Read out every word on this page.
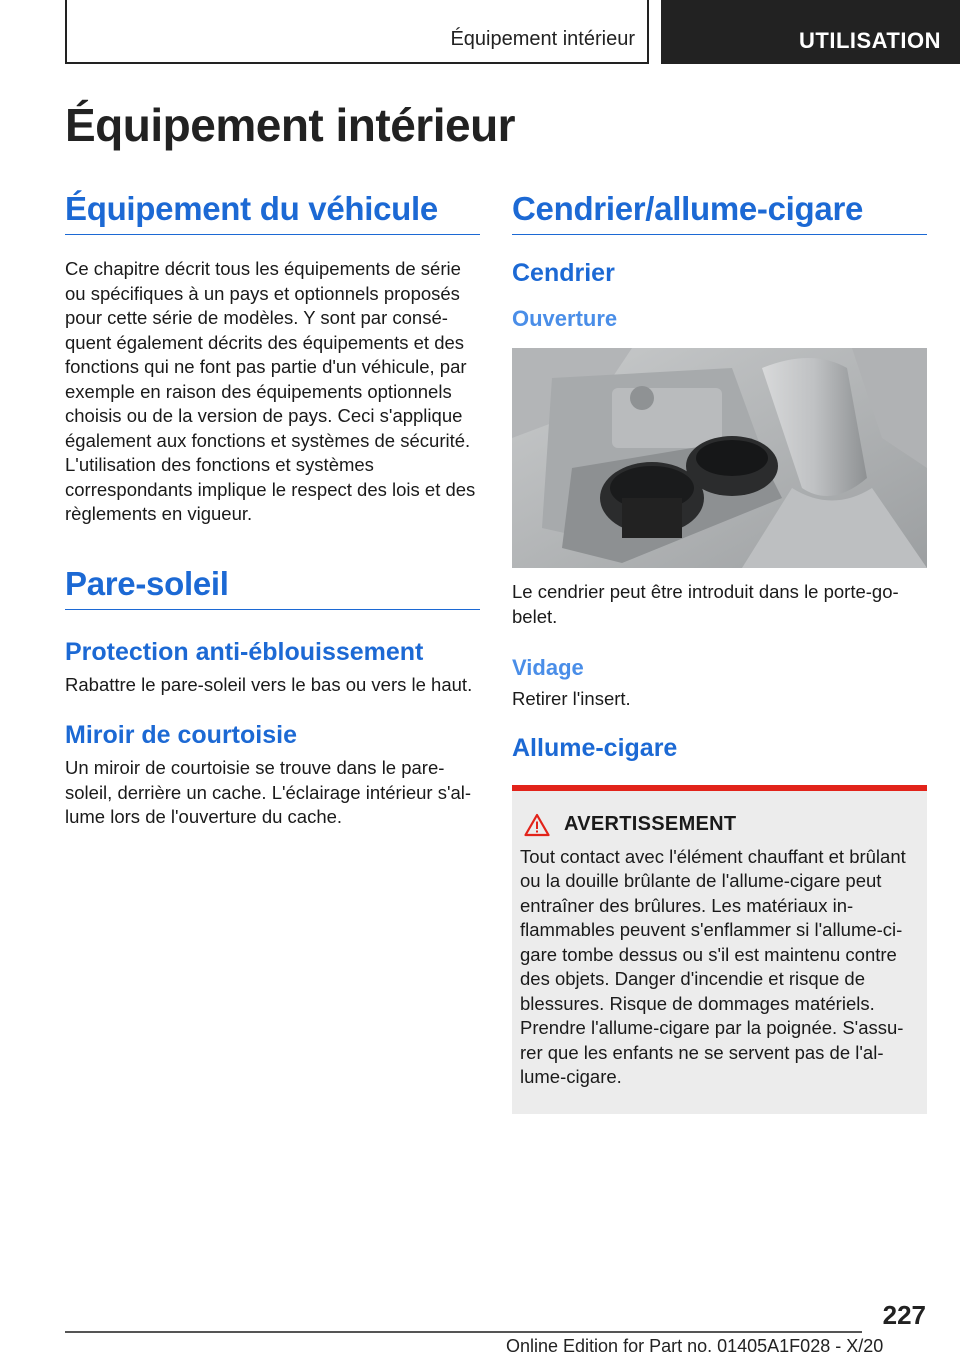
Équipement intérieur	UTILISATION
Équipement intérieur
Équipement du véhicule

Ce chapitre décrit tous les équipements de série ou spécifiques à un pays et optionnels proposés pour cette série de modèles. Y sont par conséquent également décrits des équipements et des fonctions qui ne font pas partie d'un véhicule, par exemple en raison des équipements optionnels choisis ou de la version de pays. Ceci s'applique également aux fonctions et systèmes de sécurité. L'utilisation des fonctions et systèmes correspondants implique le respect des lois et des règlements en vigueur.

Pare-soleil
Protection anti-éblouissement

Rabattre le pare-soleil vers le bas ou vers le haut.

Miroir de courtoisie

Un miroir de courtoisie se trouve dans le pare-soleil, derrière un cache. L'éclairage intérieur s'allume lors de l'ouverture du cache.

Cendrier/allume-cigare
Cendrier
Ouverture

Le cendrier peut être introduit dans le porte-gobelet.

Vidage

Retirer l'insert.

Allume-cigare
AVERTISSEMENT

Tout contact avec l'élément chauffant et brûlant ou la douille brûlante de l'allume-cigare peut entraîner des brûlures. Les matériaux inflammables peuvent s'enflammer si l'allume-cigare tombe dessus ou s'il est maintenu contre des objets. Danger d'incendie et risque de blessures. Risque de dommages matériels. Prendre l'allume-cigare par la poignée. S'assurer que les enfants ne se servent pas de l'allume-cigare.

227
Online Edition for Part no. 01405A1F028 - X/20
